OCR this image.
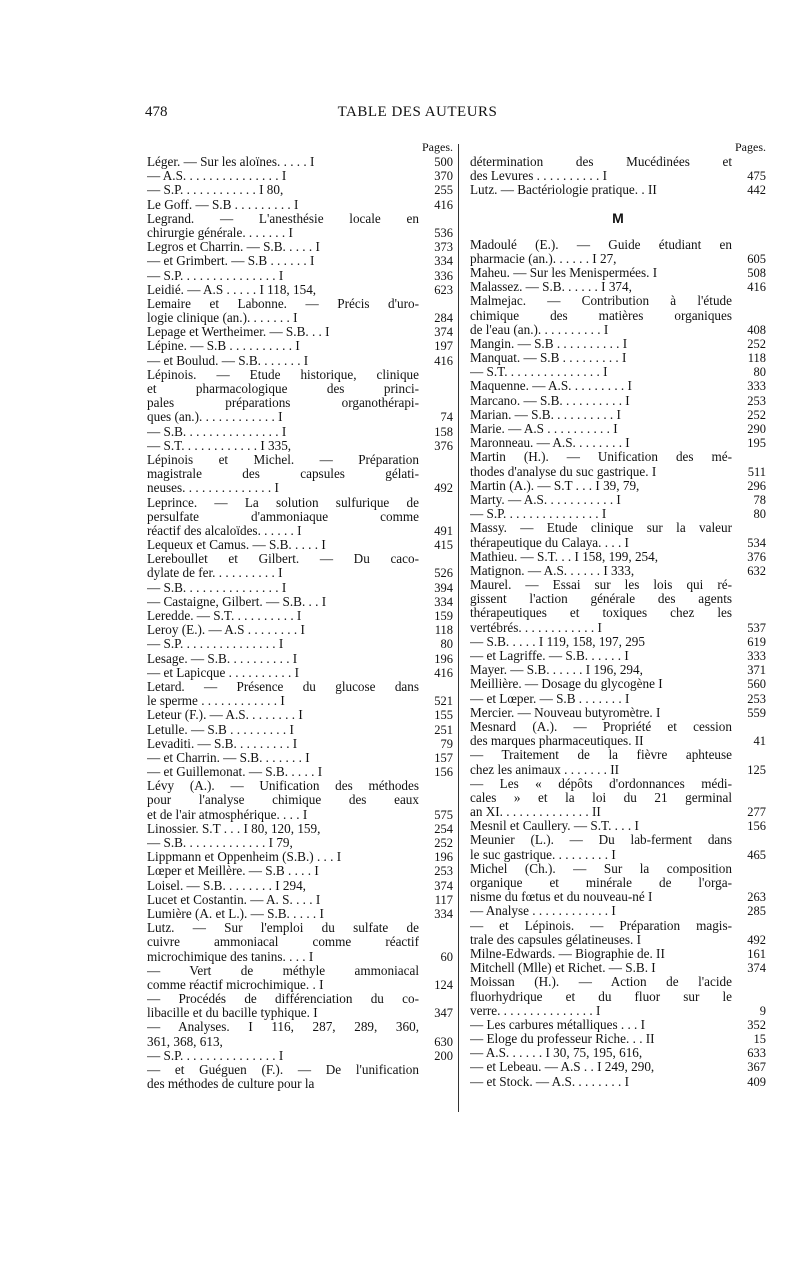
478	TABLE DES AUTEURS
Pages.
Léger. — Sur les aloïnes. . . . . I	500
— A.S. . . . . . . . . . . . . . . I	370
— S.P. . . . . . . . . . . . I 80,	255
Le Goff. — S.B . . . . . . . . . I	416
Legrand. — L'anesthésie locale en
chirurgie générale. . . . . . . I	536
Legros et Charrin. — S.B. . . . . I	373
— et Grimbert. — S.B . . . . . . I	334
— S.P. . . . . . . . . . . . . . . I	336
Leidié. — A.S . . . . . I 118, 154,	623
Lemaire et Labonne. — Précis d'uro-
logie clinique (an.). . . . . . . I	284
Lepage et Wertheimer. — S.B. . . I	374
Lépine. — S.B . . . . . . . . . . I	197
— et Boulud. — S.B. . . . . . . I	416
Lépinois. — Etude historique, clinique
et pharmacologique des princi-
pales préparations organothérapi-
ques (an.). . . . . . . . . . . . I	74
— S.B. . . . . . . . . . . . . . . I	158
— S.T. . . . . . . . . . . . I 335,	376
Lépinois et Michel. — Préparation
magistrale des capsules gélati-
neuses. . . . . . . . . . . . . . I	492
Leprince. — La solution sulfurique de
persulfate d'ammoniaque comme
réactif des alcaloïdes. . . . . . I	491
Lequeux et Camus. — S.B. . . . . I	415
Lereboullet et Gilbert. — Du caco-
dylate de fer. . . . . . . . . . I	526
— S.B. . . . . . . . . . . . . . . I	394
— Castaigne, Gilbert. — S.B. . . I	334
Leredde. — S.T. . . . . . . . . . I	159
Leroy (E.). — A.S . . . . . . . . I	118
— S.P. . . . . . . . . . . . . . . I	80
Lesage. — S.B. . . . . . . . . . I	196
— et Lapicque . . . . . . . . . . I	416
Letard. — Présence du glucose dans
le sperme . . . . . . . . . . . . I	521
Leteur (F.). — A.S. . . . . . . . I	155
Letulle. — S.B . . . . . . . . . I	251
Levaditi. — S.B. . . . . . . . . I	79
— et Charrin. — S.B. . . . . . . I	157
— et Guillemonat. — S.B. . . . . I	156
Lévy (A.). — Unification des méthodes
pour l'analyse chimique des eaux
et de l'air atmosphérique. . . . I	575
Linossier. S.T . . . I 80, 120, 159,	254
— S.B. . . . . . . . . . . . . I 79,	252
Lippmann et Oppenheim (S.B.) . . . I	196
Lœper et Meillère. — S.B . . . . I	253
Loisel. — S.B. . . . . . . . I 294,	374
Lucet et Costantin. — A. S. . . . I	117
Lumière (A. et L.). — S.B. . . . . I	334
Lutz. — Sur l'emploi du sulfate de
cuivre ammoniacal comme réactif
microchimique des tanins. . . . I	60
— Vert de méthyle ammoniacal
comme réactif microchimique. . I	124
— Procédés de différenciation du co-
libacille et du bacille typhique. I	347
— Analyses. I 116, 287, 289, 360,
361, 368, 613,	630
— S.P. . . . . . . . . . . . . . . I	200
— et Guéguen (F.). — De l'unification
des méthodes de culture pour la
Pages.
détermination des Mucédinées et
des Levures . . . . . . . . . . I	475
Lutz. — Bactériologie pratique. . II	442
M
Madoulé (E.). — Guide étudiant en
pharmacie (an.). . . . . . I 27,	605
Maheu. — Sur les Menispermées. I	508
Malassez. — S.B. . . . . . I 374,	416
Malmejac. — Contribution à l'étude
chimique des matières organiques
de l'eau (an.). . . . . . . . . . I	408
Mangin. — S.B . . . . . . . . . . I	252
Manquat. — S.B . . . . . . . . . I	118
— S.T. . . . . . . . . . . . . . . I	80
Maquenne. — A.S. . . . . . . . . I	333
Marcano. — S.B. . . . . . . . . . I	253
Marian. — S.B. . . . . . . . . . I	252
Marie. — A.S . . . . . . . . . . I	290
Maronneau. — A.S. . . . . . . . I	195
Martin (H.). — Unification des mé-
thodes d'analyse du suc gastrique. I	511
Martin (A.). — S.T . . . I 39, 79,	296
Marty. — A.S. . . . . . . . . . . I	78
— S.P. . . . . . . . . . . . . . . I	80
Massy. — Etude clinique sur la valeur
thérapeutique du Calaya. . . . I	534
Mathieu. — S.T. . . I 158, 199, 254,	376
Matignon. — A.S. . . . . . I 333,	632
Maurel. — Essai sur les lois qui ré-
gissent l'action générale des agents
thérapeutiques et toxiques chez les
vertébrés. . . . . . . . . . . . I	537
— S.B. . . . . I 119, 158, 197, 295	619
— et Lagriffe. — S.B. . . . . . I	333
Mayer. — S.B. . . . . . I 196, 294,	371
Meillière. — Dosage du glycogène I	560
— et Lœper. — S.B . . . . . . . I	253
Mercier. — Nouveau butyromètre. I	559
Mesnard (A.). — Propriété et cession
des marques pharmaceutiques. II	41
— Traitement de la fièvre aphteuse
chez les animaux . . . . . . . II	125
— Les « dépôts d'ordonnances médi-
cales » et la loi du 21 germinal
an XI. . . . . . . . . . . . . . II	277
Mesnil et Caullery. — S.T. . . . I	156
Meunier (L.). — Du lab-ferment dans
le suc gastrique. . . . . . . . . I	465
Michel (Ch.). — Sur la composition
organique et minérale de l'orga-
nisme du fœtus et du nouveau-né I	263
— Analyse . . . . . . . . . . . . I	285
— et Lépinois. — Préparation magis-
trale des capsules gélatineuses. I	492
Milne-Edwards. — Biographie de. II	161
Mitchell (Mlle) et Richet. — S.B. I	374
Moissan (H.). — Action de l'acide
fluorhydrique et du fluor sur le
verre. . . . . . . . . . . . . . . I	9
— Les carbures métalliques . . . I	352
— Eloge du professeur Riche. . . II	15
— A.S. . . . . . I 30, 75, 195, 616,	633
— et Lebeau. — A.S . . I 249, 290,	367
— et Stock. — A.S. . . . . . . . I	409
